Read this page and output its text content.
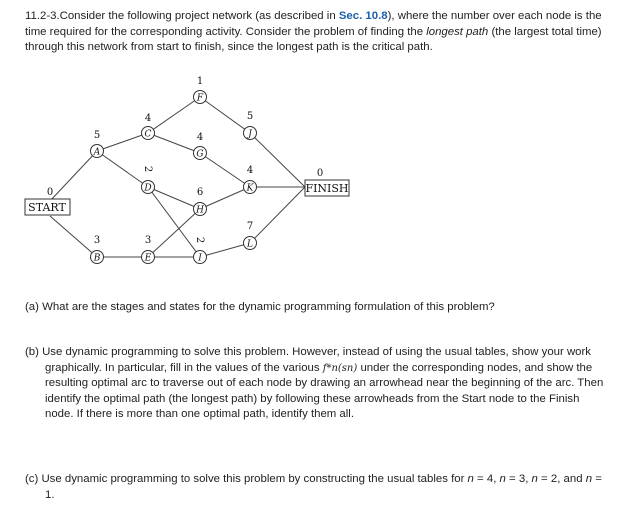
11.2-3.Consider the following project network (as described in Sec. 10.8), where the number over each node is the time required for the corresponding activity. Consider the problem of finding the longest path (the largest total time) through this network from start to finish, since the longest path is the critical path.
START
0	FINISH
0
A
5
B
3
C
4
D
2
E
3
F
1
G
4
H
6
I
2
J
5
K
4
L
7
(a) What are the stages and states for the dynamic programming formulation of this problem?
(b) Use dynamic programming to solve this problem. However, instead of using the usual tables, show your work graphically. In particular, fill in the values of the various f*n(sn) under the corresponding nodes, and show the resulting optimal arc to traverse out of each node by drawing an arrowhead near the beginning of the arc. Then identify the optimal path (the longest path) by following these arrowheads from the Start node to the Finish node. If there is more than one optimal path, identify them all.
(c) Use dynamic programming to solve this problem by constructing the usual tables for n = 4, n = 3, n = 2, and n = 1.
